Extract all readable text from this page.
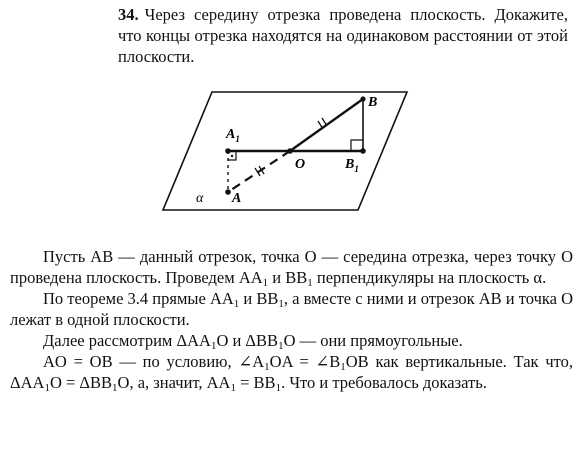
34. Через середину отрезка проведена плоскость. Докажите, что концы отрезка находятся на одинаковом расстоянии от этой плоскости.
B
$A_1$
O	$B_1$
α A

Пусть AB — данный отрезок, точка O — середина отрезка, через точку O проведена плоскость. Проведем $AA_1$ и $BB_1$ перпендикуляры на плоскость α.

По теореме 3.4 прямые $AA_1$ и $BB_1$, а вместе с ними и отрезок AB и точка O лежат в одной плоскости.

Далее рассмотрим $\Delta AA_1O$ и $\Delta BB_1O$ — они прямоугольные.

AO = OB — по условию, $\angle A_1OA$ = $\angle B_1OB$ как вертикальные. Так что, $\Delta AA_1O = \Delta BB_1O$, а, значит, $AA_1 = BB_1$. Что и требовалось доказать.
